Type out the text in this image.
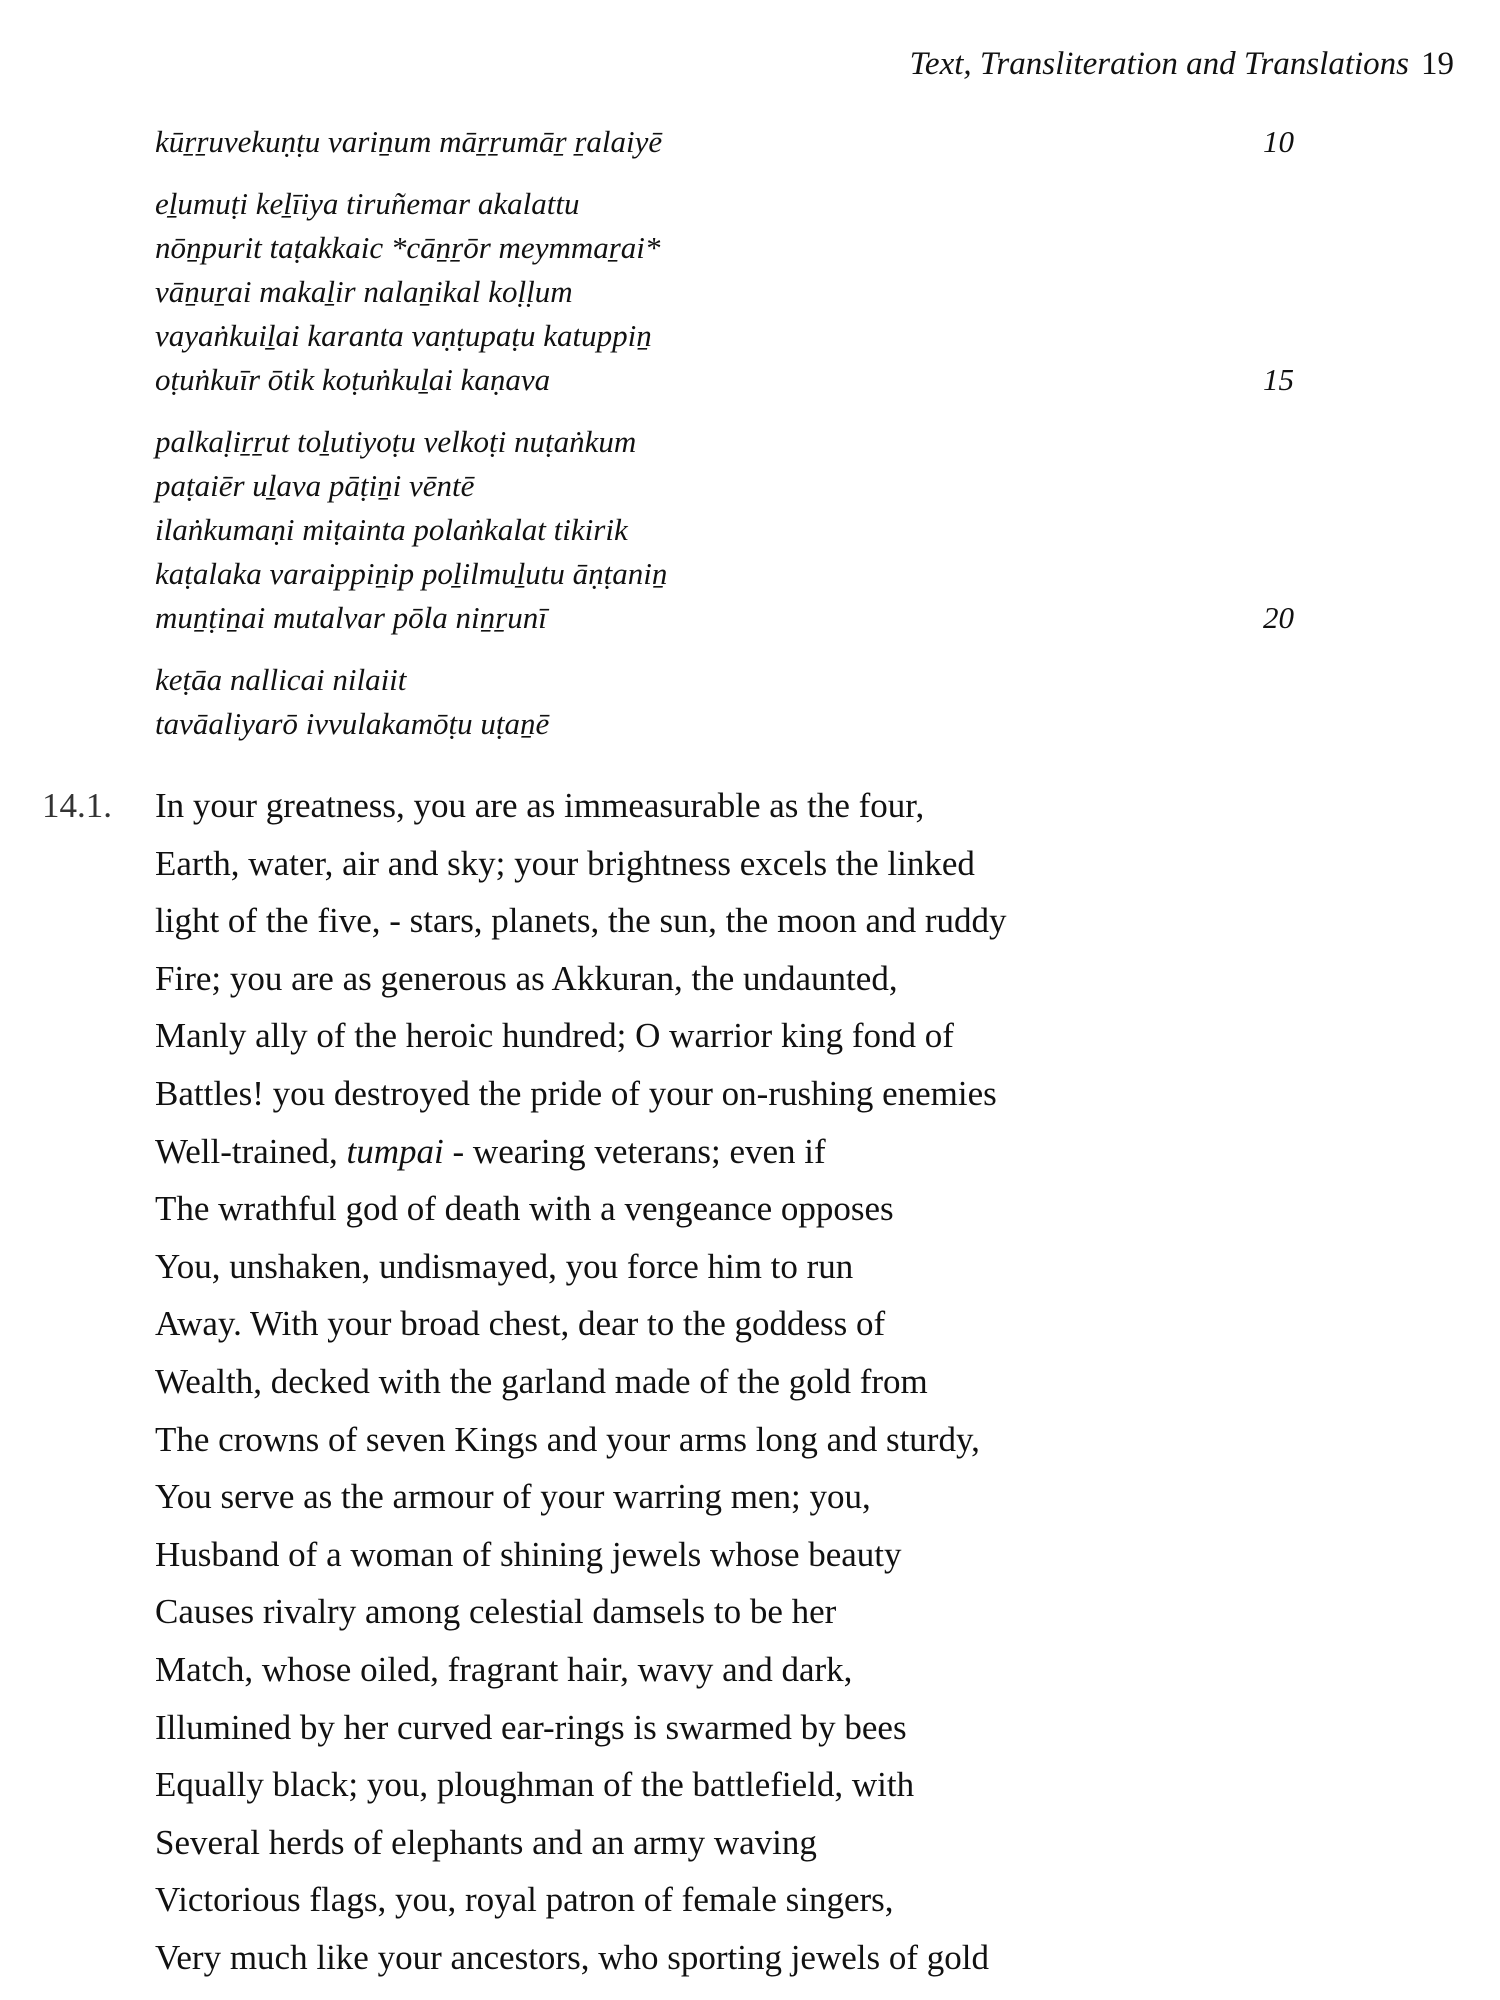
Text, Transliteration and Translations 19
kūṟṟuvekuṇṭu variṉum māṟṟumāṟ ṟalaiyē	10
eḻumuṭi keḻīiya tiruñemar akalattu
nōṉpurit taṭakkaic *cāṉṟōr meymmaṟai*
vāṉuṟai makaḻir nalaṉikal koḷḷum
vayaṅkuiḻai karanta vaṇṭupaṭu katuppiṉ
oṭuṅkuīr ōtik koṭuṅkuḻai kaṇava	15
palkaḷiṟṟut toḻutiyoṭu velkoṭi nuṭaṅkum
paṭaiēr uḻava pāṭiṉi vēntē
ilaṅkumaṇi miṭainta polaṅkalat tikirik
kaṭalaka varaippiṉip poḻilmuḻutu āṇṭaniṉ
muṉṭiṉai mutalvar pōla niṉṟunī	20
keṭāa nallicai nilaiit
tavāaliyarō ivvulakamōṭu uṭaṉē
14.1. In your greatness, you are as immeasurable as the four,
Earth, water, air and sky; your brightness excels the linked
light of the five, - stars, planets, the sun, the moon and ruddy
Fire; you are as generous as Akkuran, the undaunted,
Manly ally of the heroic hundred; O warrior king fond of
Battles! you destroyed the pride of your on-rushing enemies
Well-trained, tumpai - wearing veterans; even if
The wrathful god of death with a vengeance opposes
You, unshaken, undismayed, you force him to run
Away. With your broad chest, dear to the goddess of
Wealth, decked with the garland made of the gold from
The crowns of seven Kings and your arms long and sturdy,
You serve as the armour of your warring men; you,
Husband of a woman of shining jewels whose beauty
Causes rivalry among celestial damsels to be her
Match, whose oiled, fragrant hair, wavy and dark,
Illumined by her curved ear-rings is swarmed by bees
Equally black; you, ploughman of the battlefield, with
Several herds of elephants and an army waving
Victorious flags, you, royal patron of female singers,
Very much like your ancestors, who sporting jewels of gold
